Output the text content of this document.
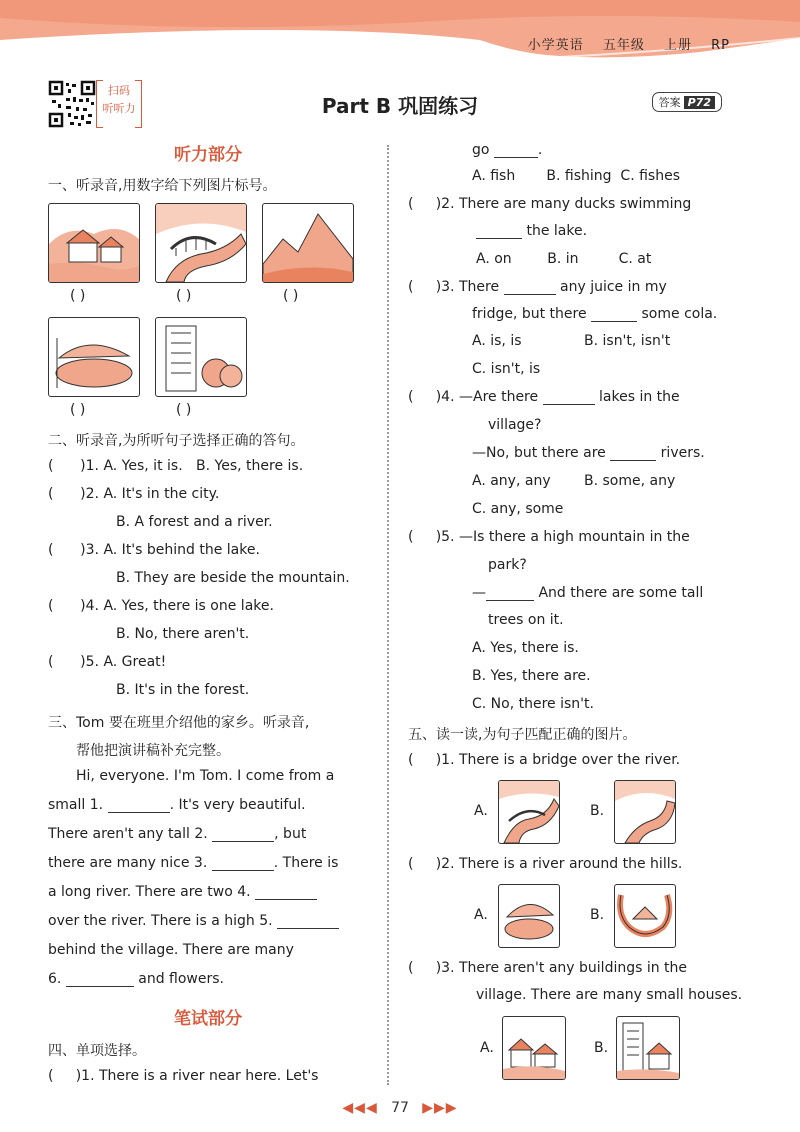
小学英语 五年级 上册 RP
扫码
听听力	Part B 巩固练习	答案 P72
听力部分
一、听录音,用数字给下列图片标号。
( )	( )	( )
( )	( )
二、听录音,为所听句子选择正确的答句。
(      )1. A. Yes, it is. B. Yes, there is.
(      )2. A. It's in the city.
B. A forest and a river.
(      )3. A. It's behind the lake.
B. They are beside the mountain.
(      )4. A. Yes, there is one lake.
B. No, there aren't.
(      )5. A. Great!
B. It's in the forest.
三、Tom 要在班里介绍他的家乡。听录音,
帮他把演讲稿补充完整。
Hi, everyone. I'm Tom. I come from a
small 1.	. It's very beautiful.
There aren't any tall 2.	, but
there are many nice 3.	. There is
a long river. There are two 4.
over the river. There is a high 5.
behind the village. There are many
6.	and flowers.
笔试部分
四、单项选择。
(     )1. There is a river near here. Let's
go	.
A. fish B. fishing C. fishes
(     )2. There are many ducks swimming
the lake.
A. on	B. in	C. at
(     )3. There	any juice in my
fridge, but there	some cola.
A. is, is	B. isn't, isn't
C. isn't, is
(     )4. —Are there	lakes in the
village?
—No, but there are	rivers.
A. any, any B. some, any
C. any, some
(     )5. —Is there a high mountain in the
park?
—	And there are some tall
trees on it.
A. Yes, there is.
B. Yes, there are.
C. No, there isn't.
五、读一读,为句子匹配正确的图片。
(     )1. There is a bridge over the river.
A.	B.
(     )2. There is a river around the hills.
A.	B.
(     )3. There aren't any buildings in the
village. There are many small houses.
A.	B.
◀◀◀ 77 ▶▶▶
